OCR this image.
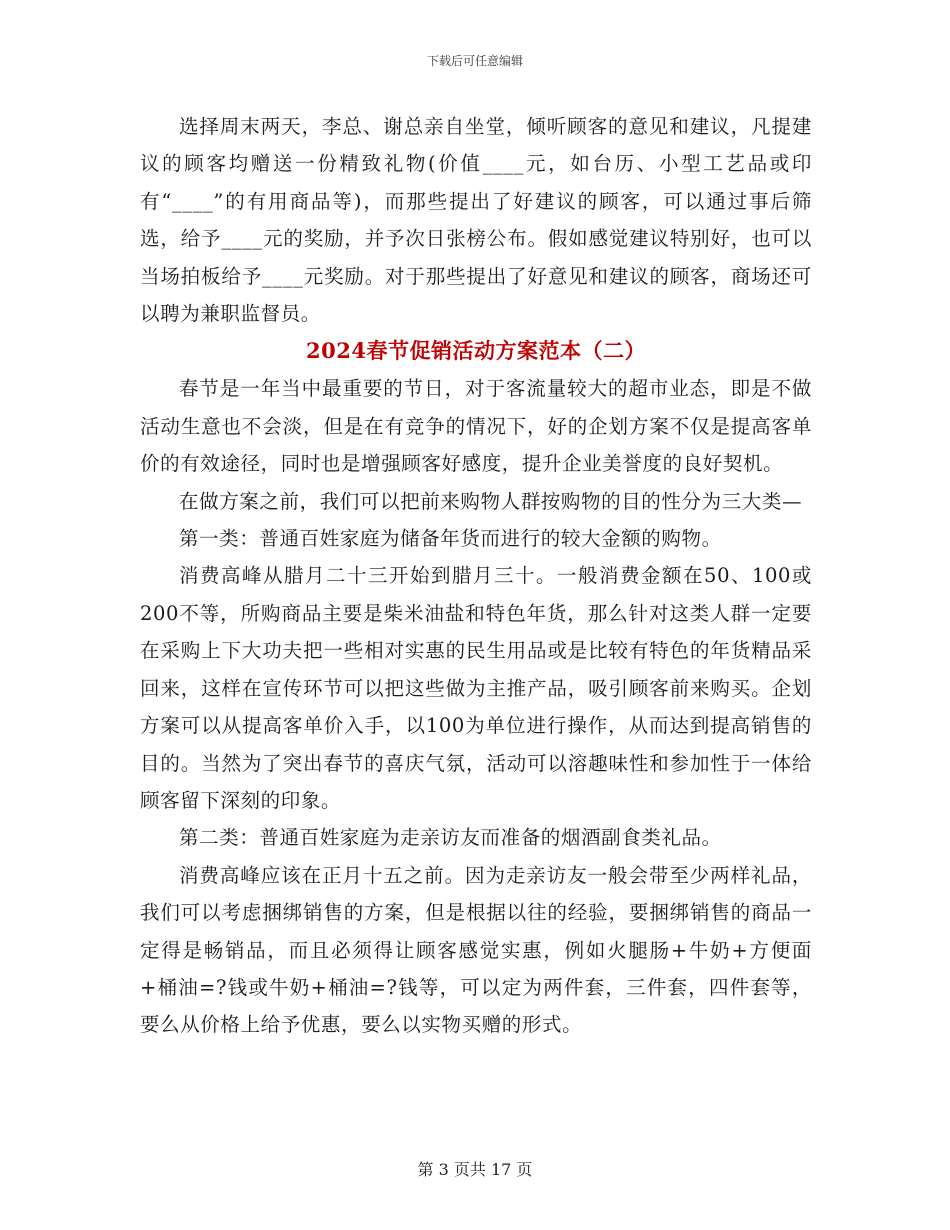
下载后可任意编辑

选择周末两天，李总、谢总亲自坐堂，倾听顾客的意见和建议，凡提建议的顾客均赠送一份精致礼物(价值____元，如台历、小型工艺品或印有“____”的有用商品等)，而那些提出了好建议的顾客，可以通过事后筛选，给予____元的奖励，并予次日张榜公布。假如感觉建议特别好，也可以当场拍板给予____元奖励。对于那些提出了好意见和建议的顾客，商场还可以聘为兼职监督员。

2024春节促销活动方案范本（二）

春节是一年当中最重要的节日，对于客流量较大的超市业态，即是不做活动生意也不会淡，但是在有竞争的情况下，好的企划方案不仅是提高客单价的有效途径，同时也是增强顾客好感度，提升企业美誉度的良好契机。

在做方案之前，我们可以把前来购物人群按购物的目的性分为三大类—

第一类：普通百姓家庭为储备年货而进行的较大金额的购物。

消费高峰从腊月二十三开始到腊月三十。一般消费金额在50、100或200不等，所购商品主要是柴米油盐和特色年货，那么针对这类人群一定要在采购上下大功夫把一些相对实惠的民生用品或是比较有特色的年货精品采回来，这样在宣传环节可以把这些做为主推产品，吸引顾客前来购买。企划方案可以从提高客单价入手，以100为单位进行操作，从而达到提高销售的目的。当然为了突出春节的喜庆气氛，活动可以溶趣味性和参加性于一体给顾客留下深刻的印象。

第二类：普通百姓家庭为走亲访友而准备的烟酒副食类礼品。

消费高峰应该在正月十五之前。因为走亲访友一般会带至少两样礼品，我们可以考虑捆绑销售的方案，但是根据以往的经验，要捆绑销售的商品一定得是畅销品，而且必须得让顾客感觉实惠，例如火腿肠+牛奶+方便面+桶油=?钱或牛奶+桶油=?钱等，可以定为两件套，三件套，四件套等，要么从价格上给予优惠，要么以实物买赠的形式。

第 3 页共 17 页
